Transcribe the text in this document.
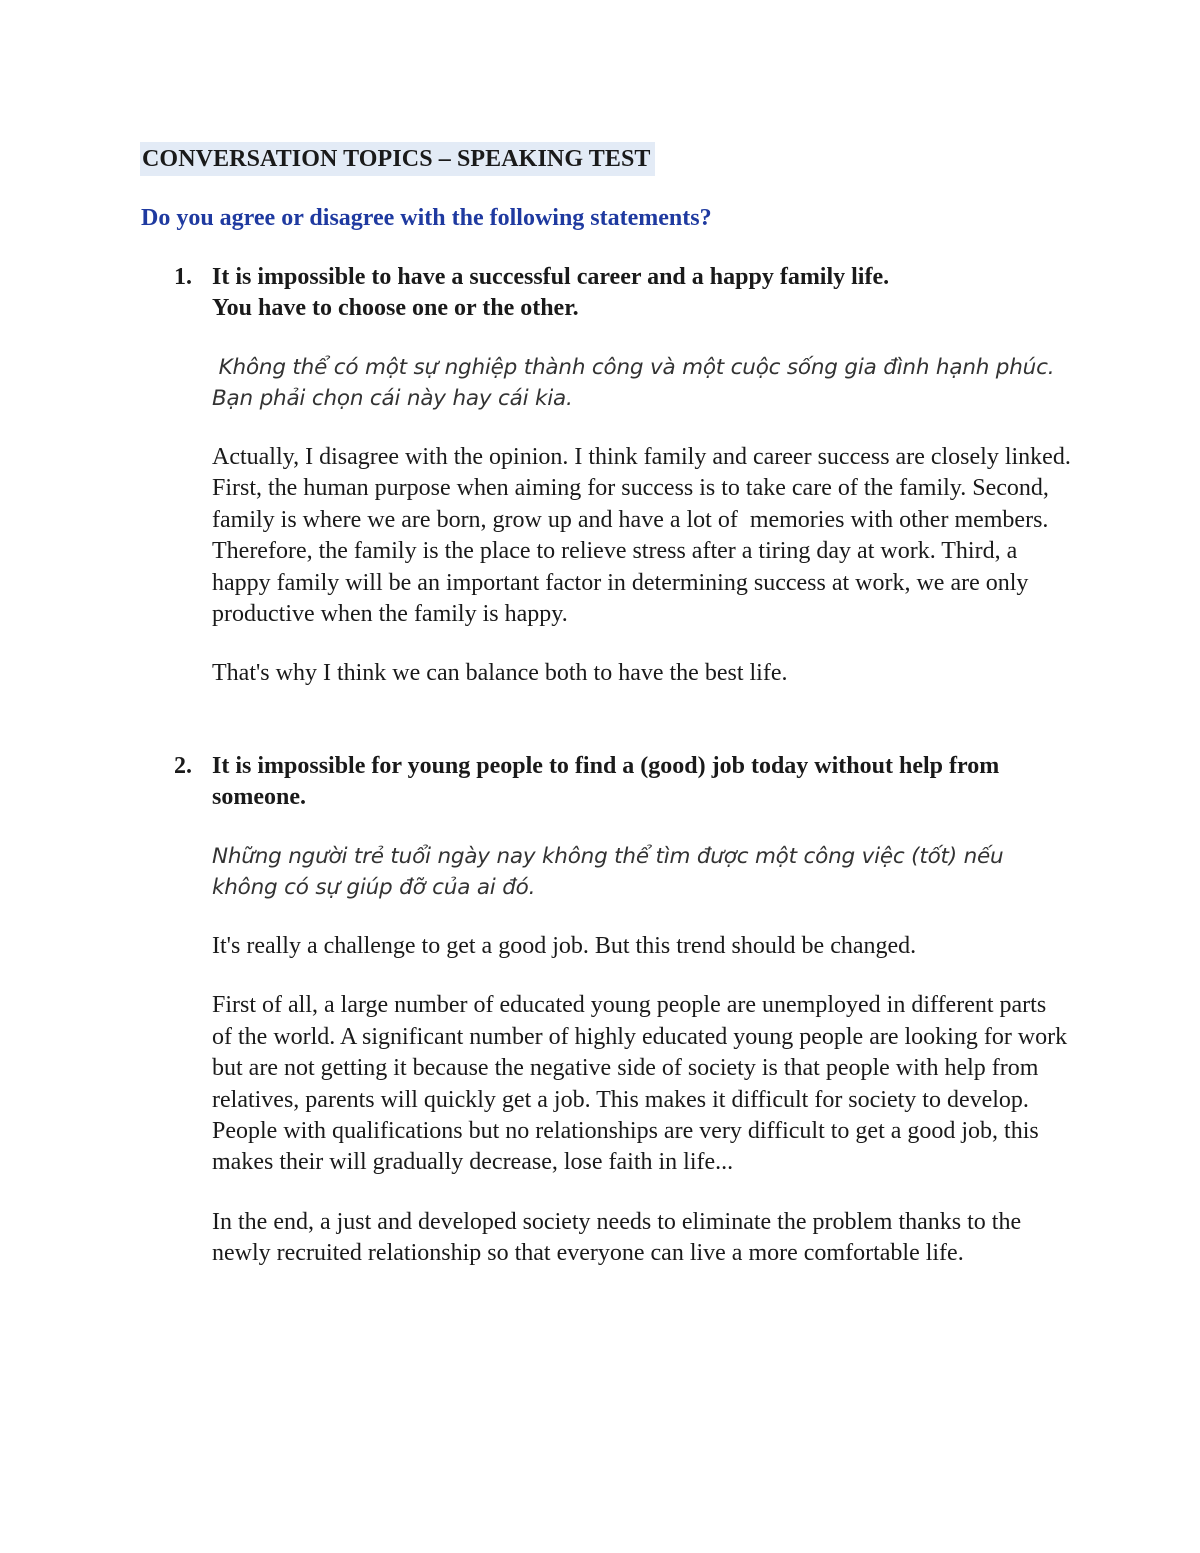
CONVERSATION TOPICS – SPEAKING TEST

Do you agree or disagree with the following statements?

1. It is impossible to have a successful career and a happy family life.
You have to choose one or the other.

Không thể có một sự nghiệp thành công và một cuộc sống gia đình hạnh phúc. Bạn phải chọn cái này hay cái kia.

Actually, I disagree with the opinion. I think family and career success are closely linked. First, the human purpose when aiming for success is to take care of the family. Second, family is where we are born, grow up and have a lot of  memories with other members. Therefore, the family is the place to relieve stress after a tiring day at work. Third, a happy family will be an important factor in determining success at work, we are only productive when the family is happy.

That's why I think we can balance both to have the best life.

2. It is impossible for young people to find a (good) job today without help from someone.

Những người trẻ tuổi ngày nay không thể tìm được một công việc (tốt) nếu không có sự giúp đỡ của ai đó.

It's really a challenge to get a good job. But this trend should be changed.

First of all, a large number of educated young people are unemployed in different parts of the world. A significant number of highly educated young people are looking for work but are not getting it because the negative side of society is that people with help from relatives, parents will quickly get a job. This makes it difficult for society to develop. People with qualifications but no relationships are very difficult to get a good job, this makes their will gradually decrease, lose faith in life...

In the end, a just and developed society needs to eliminate the problem thanks to the newly recruited relationship so that everyone can live a more comfortable life.
